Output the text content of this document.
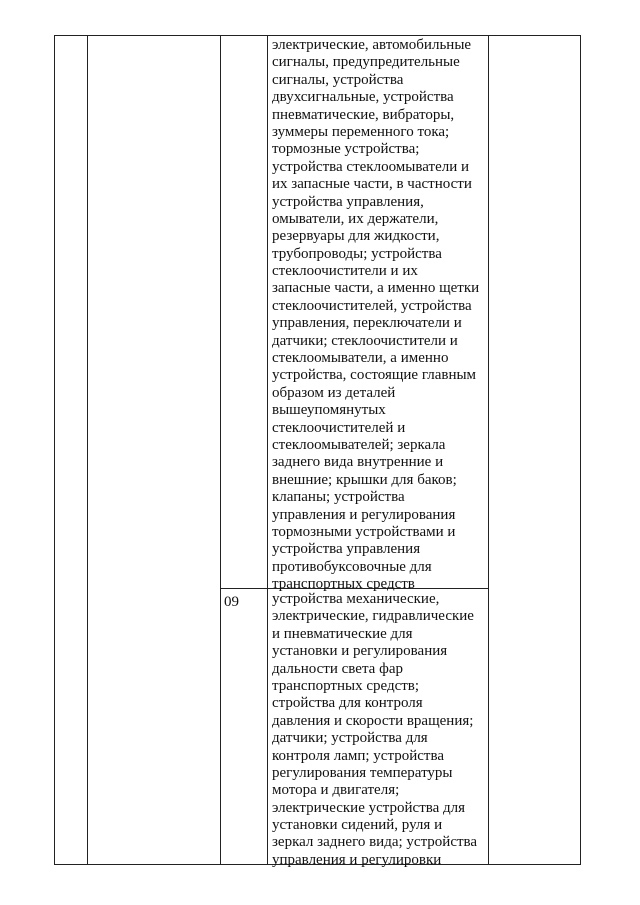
электрические, автомобильные
сигналы, предупредительные
сигналы, устройства
двухсигнальные, устройства
пневматические, вибраторы,
зуммеры переменного тока;
тормозные устройства;
устройства стеклоомыватели и
их запасные части, в частности
устройства управления,
омыватели, их держатели,
резервуары для жидкости,
трубопроводы; устройства
стеклоочистители и их
запасные части, а именно щетки
стеклоочистителей, устройства
управления, переключатели и
датчики; стеклоочистители и
стеклоомыватели, а именно
устройства, состоящие главным
образом из деталей
вышеупомянутых
стеклоочистителей и
стеклоомывателей; зеркала
заднего вида внутренние и
внешние; крышки для баков;
клапаны; устройства
управления и регулирования
тормозными устройствами и
устройства управления
противобуксовочные для
транспортных средств
09 устройства механические,
электрические, гидравлические
и пневматические для
установки и регулирования
дальности света фар
транспортных средств;
стройства для контроля
давления и скорости вращения;
датчики; устройства для
контроля ламп; устройства
регулирования температуры
мотора и двигателя;
электрические устройства для
установки сидений, руля и
зеркал заднего вида; устройства
управления и регулировки
